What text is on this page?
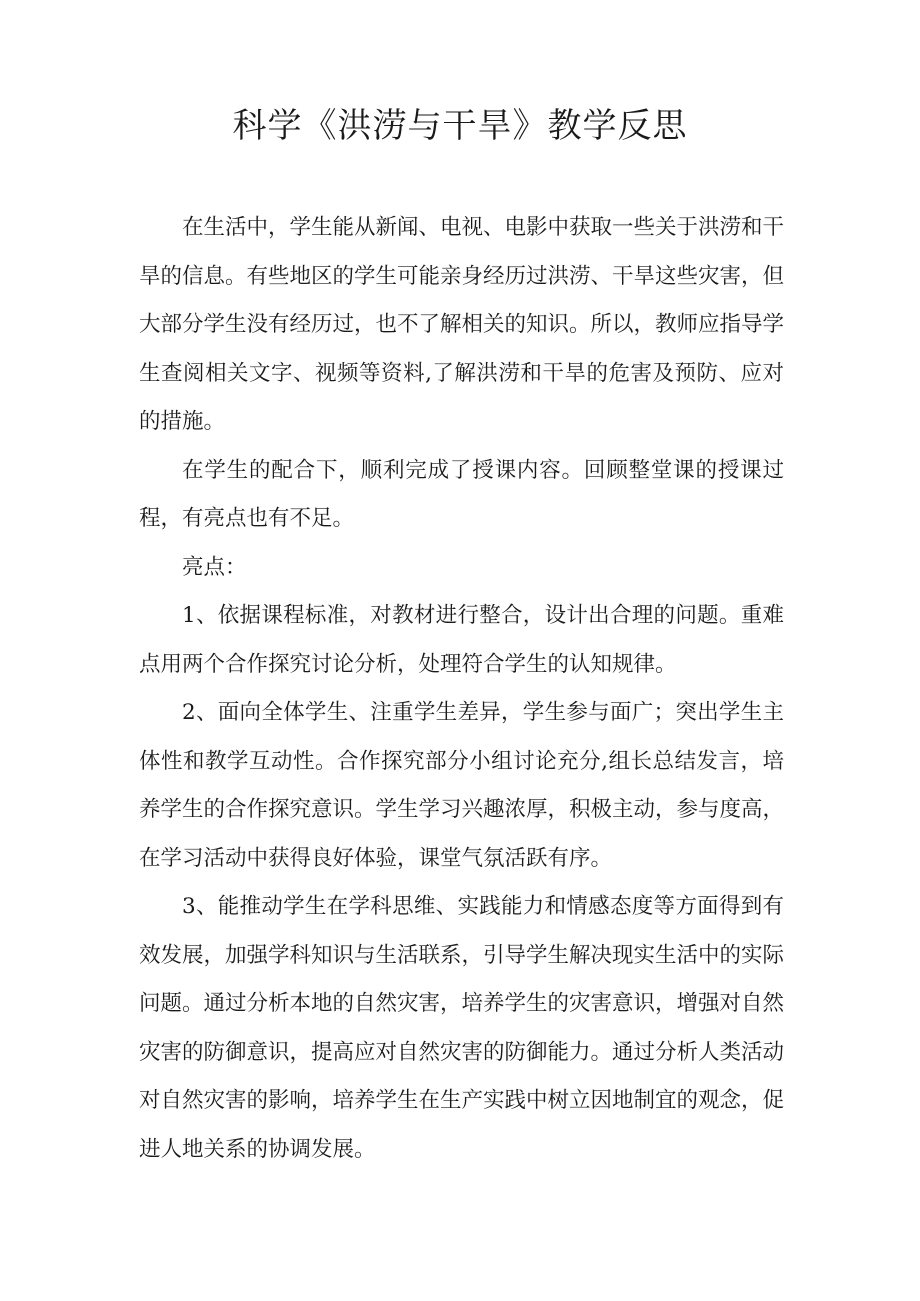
科学《洪涝与干旱》教学反思

在生活中，学生能从新闻、电视、电影中获取一些关于洪涝和干旱的信息。有些地区的学生可能亲身经历过洪涝、干旱这些灾害，但大部分学生没有经历过，也不了解相关的知识。所以，教师应指导学生查阅相关文字、视频等资料,了解洪涝和干旱的危害及预防、应对的措施。

在学生的配合下，顺利完成了授课内容。回顾整堂课的授课过程，有亮点也有不足。

亮点：

1、依据课程标准，对教材进行整合，设计出合理的问题。重难点用两个合作探究讨论分析，处理符合学生的认知规律。

2、面向全体学生、注重学生差异，学生参与面广；突出学生主体性和教学互动性。合作探究部分小组讨论充分,组长总结发言，培养学生的合作探究意识。学生学习兴趣浓厚，积极主动，参与度高，在学习活动中获得良好体验，课堂气氛活跃有序。

3、能推动学生在学科思维、实践能力和情感态度等方面得到有效发展，加强学科知识与生活联系，引导学生解决现实生活中的实际问题。通过分析本地的自然灾害，培养学生的灾害意识，增强对自然灾害的防御意识，提高应对自然灾害的防御能力。通过分析人类活动对自然灾害的影响，培养学生在生产实践中树立因地制宜的观念，促进人地关系的协调发展。
